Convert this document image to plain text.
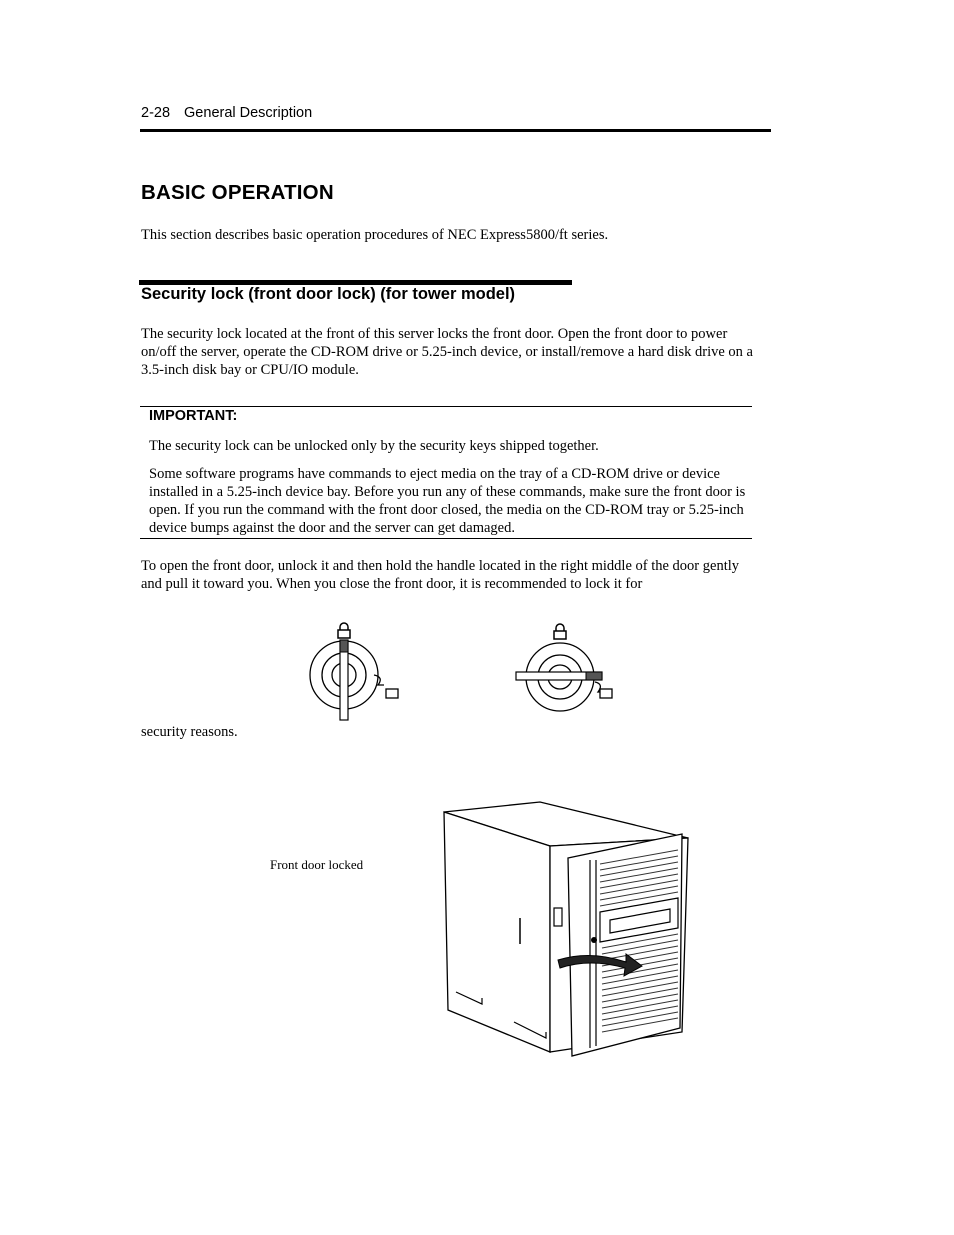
2-28 General Description
BASIC OPERATION
This section describes basic operation procedures of NEC Express5800/ft series.
Security lock (front door lock) (for tower model)
The security lock located at the front of this server locks the front door. Open the front door to power on/off the server, operate the CD-ROM drive or 5.25-inch device, or install/remove a hard disk drive on a 3.5-inch disk bay or CPU/IO module.
IMPORTANT:
The security lock can be unlocked only by the security keys shipped together.
Some software programs have commands to eject media on the tray of a CD-ROM drive or device installed in a 5.25-inch device bay. Before you run any of these commands, make sure the front door is open. If you run the command with the front door closed, the media on the CD-ROM tray or 5.25-inch device bumps against the door and the server can get damaged.
To open the front door, unlock it and then hold the handle located in the right middle of the door gently and pull it toward you. When you close the front door, it is recommended to lock it for
security reasons.
Front door locked
